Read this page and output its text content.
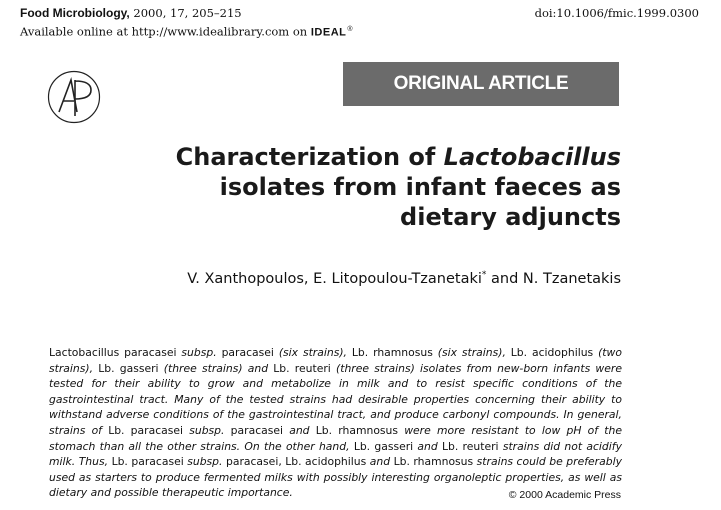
Food Microbiology, 2000, 17, 205–215	doi:10.1006/fmic.1999.0300
Available online at http://www.idealibrary.com on IDEAL®
ORIGINAL ARTICLE
Characterization of Lactobacillus
isolates from infant faeces as
dietary adjuncts
V. Xanthopoulos, E. Litopoulou-Tzanetaki* and N. Tzanetakis
Lactobacillus paracasei subsp. paracasei (six strains), Lb. rhamnosus (six strains), Lb. acidophilus (two strains), Lb. gasseri (three strains) and Lb. reuteri (three strains) isolates from new-born infants were tested for their ability to grow and metabolize in milk and to resist specific conditions of the gastrointestinal tract. Many of the tested strains had desirable properties concerning their ability to withstand adverse conditions of the gastrointestinal tract, and produce carbonyl compounds. In general, strains of Lb. paracasei subsp. paracasei and Lb. rhamnosus were more resistant to low pH of the stomach than all the other strains. On the other hand, Lb. gasseri and Lb. reuteri strains did not acidify milk. Thus, Lb. paracasei subsp. paracasei, Lb. acidophilus and Lb. rhamnosus strains could be preferably used as starters to produce fermented milks with possibly interesting organoleptic properties, as well as dietary and possible therapeutic importance.	© 2000 Academic Press
